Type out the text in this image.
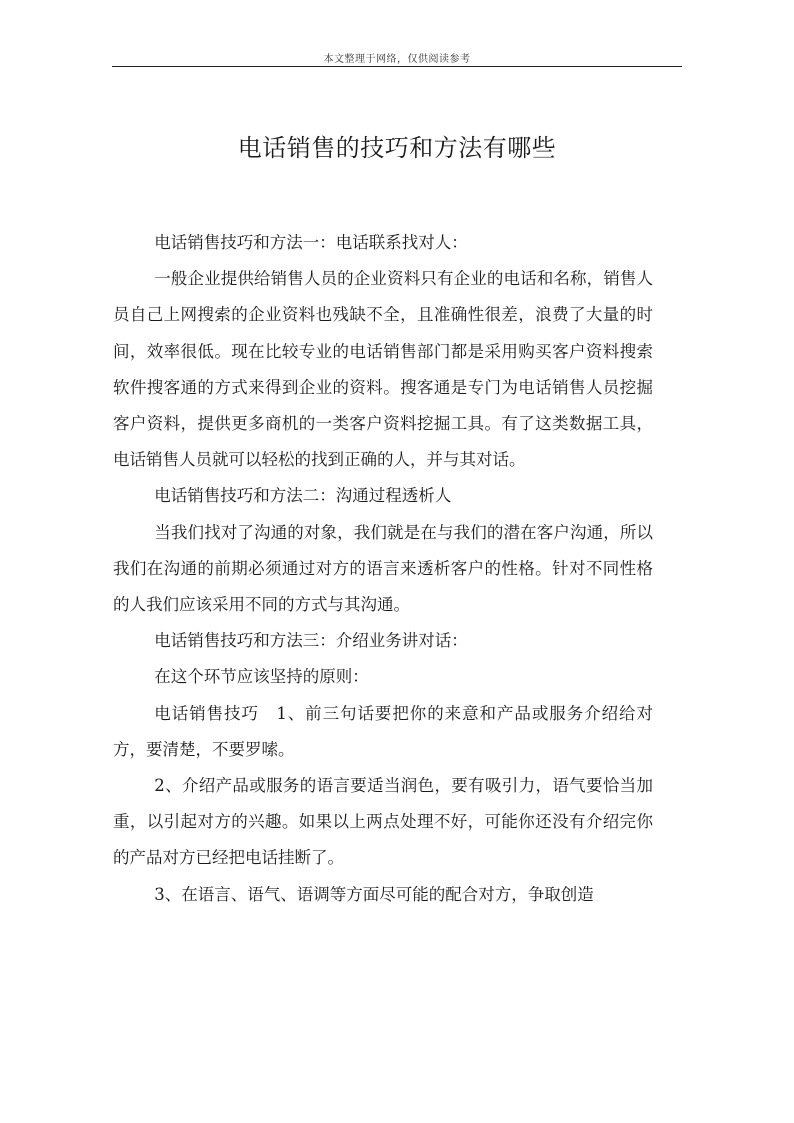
本文整理于网络，仅供阅读参考
电话销售的技巧和方法有哪些

电话销售技巧和方法一：电话联系找对人：

一般企业提供给销售人员的企业资料只有企业的电话和名称，销售人员自己上网搜索的企业资料也残缺不全，且准确性很差，浪费了大量的时间，效率很低。现在比较专业的电话销售部门都是采用购买客户资料搜索软件搜客通的方式来得到企业的资料。搜客通是专门为电话销售人员挖掘客户资料，提供更多商机的一类客户资料挖掘工具。有了这类数据工具，电话销售人员就可以轻松的找到正确的人，并与其对话。

电话销售技巧和方法二：沟通过程透析人

当我们找对了沟通的对象，我们就是在与我们的潜在客户沟通，所以我们在沟通的前期必须通过对方的语言来透析客户的性格。针对不同性格的人我们应该采用不同的方式与其沟通。

电话销售技巧和方法三：介绍业务讲对话：

在这个环节应该坚持的原则：

电话销售技巧　1、前三句话要把你的来意和产品或服务介绍给对方，要清楚，不要罗嗦。

2、介绍产品或服务的语言要适当润色，要有吸引力，语气要恰当加重，以引起对方的兴趣。如果以上两点处理不好，可能你还没有介绍完你的产品对方已经把电话挂断了。

3、在语言、语气、语调等方面尽可能的配合对方，争取创造
